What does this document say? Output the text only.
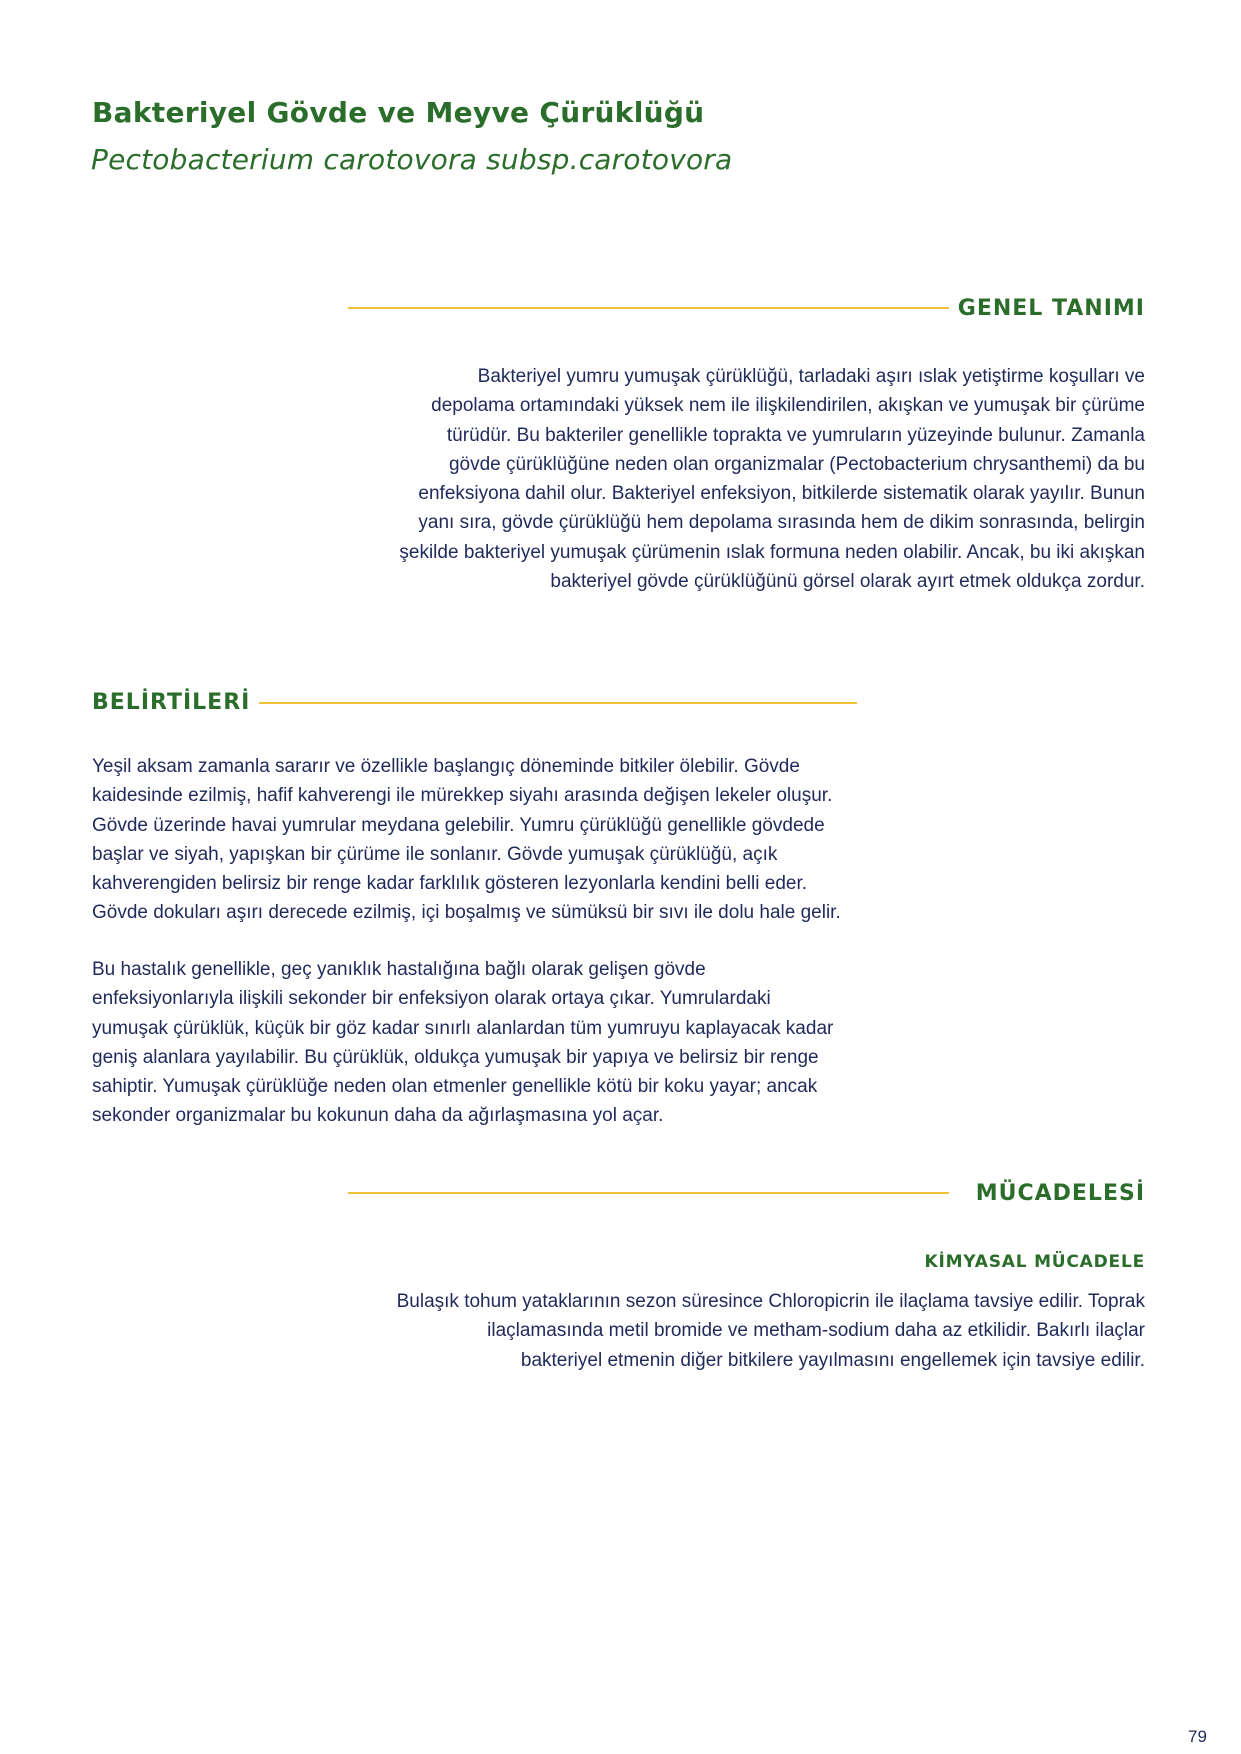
Bakteriyel Gövde ve Meyve Çürüklüğü
Pectobacterium carotovora subsp.carotovora
GENEL TANIMI
Bakteriyel yumru yumuşak çürüklüğü, tarladaki aşırı ıslak yetiştirme koşulları ve
depolama ortamındaki yüksek nem ile ilişkilendirilen, akışkan ve yumuşak bir çürüme
türüdür. Bu bakteriler genellikle toprakta ve yumruların yüzeyinde bulunur. Zamanla
gövde çürüklüğüne neden olan organizmalar (Pectobacterium chrysanthemi) da bu
enfeksiyona dahil olur. Bakteriyel enfeksiyon, bitkilerde sistematik olarak yayılır. Bunun
yanı sıra, gövde çürüklüğü hem depolama sırasında hem de dikim sonrasında, belirgin
şekilde bakteriyel yumuşak çürümenin ıslak formuna neden olabilir. Ancak, bu iki akışkan
bakteriyel gövde çürüklüğünü görsel olarak ayırt etmek oldukça zordur.
BELİRTİLERİ
Yeşil aksam zamanla sararır ve özellikle başlangıç döneminde bitkiler ölebilir. Gövde
kaidesinde ezilmiş, hafif kahverengi ile mürekkep siyahı arasında değişen lekeler oluşur.
Gövde üzerinde havai yumrular meydana gelebilir. Yumru çürüklüğü genellikle gövdede
başlar ve siyah, yapışkan bir çürüme ile sonlanır. Gövde yumuşak çürüklüğü, açık
kahverengiden belirsiz bir renge kadar farklılık gösteren lezyonlarla kendini belli eder.
Gövde dokuları aşırı derecede ezilmiş, içi boşalmış ve sümüksü bir sıvı ile dolu hale gelir.
Bu hastalık genellikle, geç yanıklık hastalığına bağlı olarak gelişen gövde
enfeksiyonlarıyla ilişkili sekonder bir enfeksiyon olarak ortaya çıkar. Yumrulardaki
yumuşak çürüklük, küçük bir göz kadar sınırlı alanlardan tüm yumruyu kaplayacak kadar
geniş alanlara yayılabilir. Bu çürüklük, oldukça yumuşak bir yapıya ve belirsiz bir renge
sahiptir. Yumuşak çürüklüğe neden olan etmenler genellikle kötü bir koku yayar; ancak
sekonder organizmalar bu kokunun daha da ağırlaşmasına yol açar.
MÜCADELESİ
KİMYASAL MÜCADELE
Bulaşık tohum yataklarının sezon süresince Chloropicrin ile ilaçlama tavsiye edilir. Toprak
ilaçlamasında metil bromide ve metham-sodium daha az etkilidir. Bakırlı ilaçlar
bakteriyel etmenin diğer bitkilere yayılmasını engellemek için tavsiye edilir.
79
